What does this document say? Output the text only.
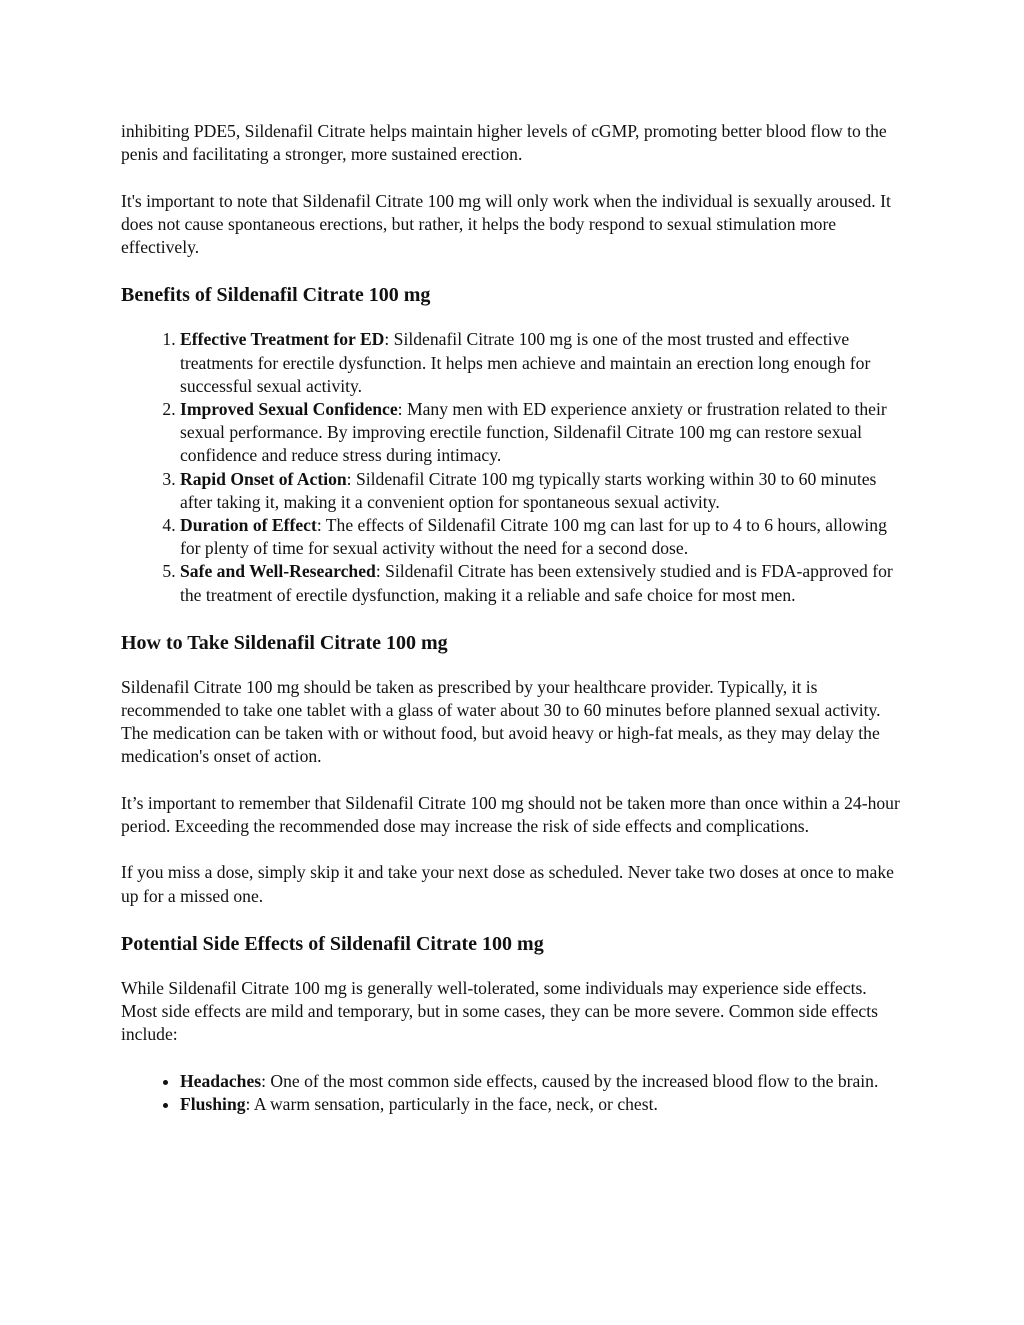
inhibiting PDE5, Sildenafil Citrate helps maintain higher levels of cGMP, promoting better blood flow to the penis and facilitating a stronger, more sustained erection.

It's important to note that Sildenafil Citrate 100 mg will only work when the individual is sexually aroused. It does not cause spontaneous erections, but rather, it helps the body respond to sexual stimulation more effectively.

Benefits of Sildenafil Citrate 100 mg
1. Effective Treatment for ED: Sildenafil Citrate 100 mg is one of the most trusted and effective treatments for erectile dysfunction. It helps men achieve and maintain an erection long enough for successful sexual activity.
2. Improved Sexual Confidence: Many men with ED experience anxiety or frustration related to their sexual performance. By improving erectile function, Sildenafil Citrate 100 mg can restore sexual confidence and reduce stress during intimacy.
3. Rapid Onset of Action: Sildenafil Citrate 100 mg typically starts working within 30 to 60 minutes after taking it, making it a convenient option for spontaneous sexual activity.
4. Duration of Effect: The effects of Sildenafil Citrate 100 mg can last for up to 4 to 6 hours, allowing for plenty of time for sexual activity without the need for a second dose.
5. Safe and Well-Researched: Sildenafil Citrate has been extensively studied and is FDA-approved for the treatment of erectile dysfunction, making it a reliable and safe choice for most men.
How to Take Sildenafil Citrate 100 mg

Sildenafil Citrate 100 mg should be taken as prescribed by your healthcare provider. Typically, it is recommended to take one tablet with a glass of water about 30 to 60 minutes before planned sexual activity. The medication can be taken with or without food, but avoid heavy or high-fat meals, as they may delay the medication's onset of action.

It’s important to remember that Sildenafil Citrate 100 mg should not be taken more than once within a 24-hour period. Exceeding the recommended dose may increase the risk of side effects and complications.

If you miss a dose, simply skip it and take your next dose as scheduled. Never take two doses at once to make up for a missed one.

Potential Side Effects of Sildenafil Citrate 100 mg

While Sildenafil Citrate 100 mg is generally well-tolerated, some individuals may experience side effects. Most side effects are mild and temporary, but in some cases, they can be more severe. Common side effects include:

• Headaches: One of the most common side effects, caused by the increased blood flow to the brain.
• Flushing: A warm sensation, particularly in the face, neck, or chest.
